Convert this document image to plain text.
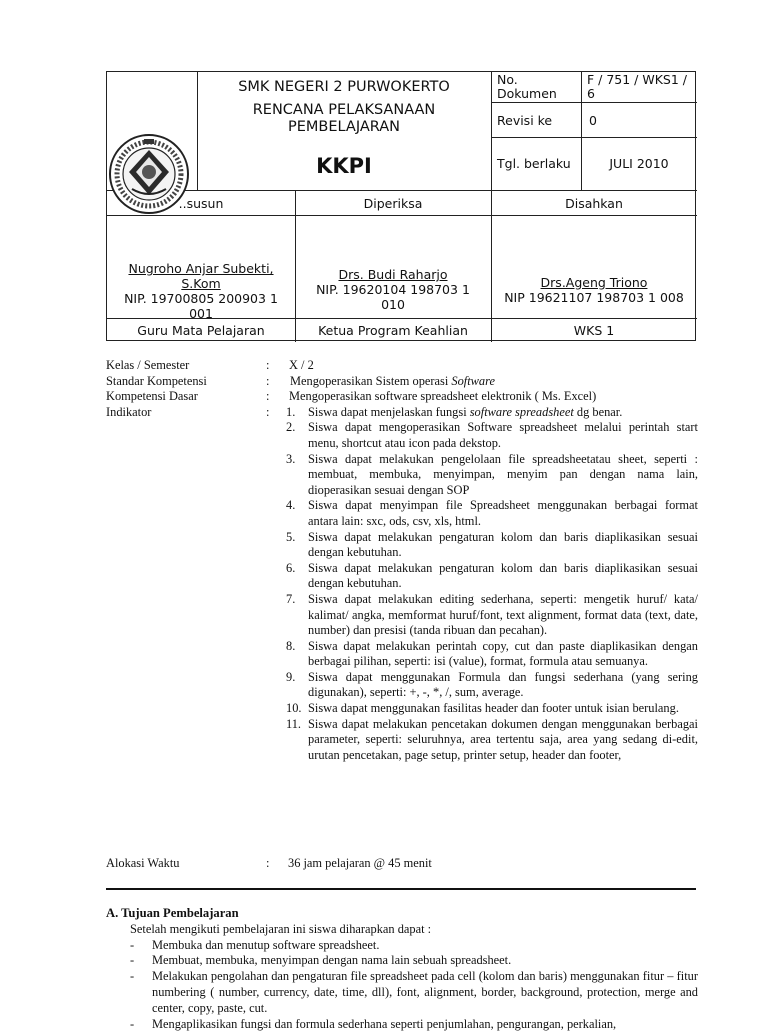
SMK NEGERI 2 PURWOKERTO
RENCANA PELAKSANAAN
PEMBELAJARAN
KKPI
No. Dokumen
F / 751 / WKS1 / 6
Revisi ke	0
Tgl. berlaku	JULI 2010
..susun	Diperiksa	Disahkan
Nugroho Anjar Subekti,
S.Kom
NIP. 19700805 200903 1 001
Drs. Budi Raharjo
NIP. 19620104 198703 1 010
Drs.Ageng Triono
NIP 19621107 198703 1 008
Guru Mata Pelajaran	Ketua Program Keahlian	WKS 1
Kelas / Semester	: X / 2
Standar Kompetensi	: Mengoperasikan Sistem operasi Software
Kompetensi Dasar	: Mengoperasikan software spreadsheet elektronik ( Ms. Excel)
Indikator	: 1. Siswa dapat menjelaskan fungsi software spreadsheet dg benar.
2. Siswa dapat mengoperasikan Software spreadsheet melalui perintah start menu, shortcut atau icon pada dekstop.
3. Siswa dapat melakukan pengelolaan file spreadsheetatau sheet, seperti : membuat, membuka, menyimpan, menyim pan dengan nama lain, dioperasikan sesuai dengan SOP
4. Siswa dapat menyimpan file Spreadsheet menggunakan berbagai format antara lain: sxc, ods, csv, xls, html.
5. Siswa dapat melakukan pengaturan kolom dan baris diaplikasikan sesuai dengan kebutuhan.
6. Siswa dapat melakukan pengaturan kolom dan baris diaplikasikan sesuai dengan kebutuhan.
7. Siswa dapat melakukan editing sederhana, seperti: mengetik huruf/ kata/ kalimat/ angka, memformat huruf/font, text alignment, format data (text, date, number) dan presisi (tanda ribuan dan pecahan).
8. Siswa dapat melakukan perintah copy, cut dan paste diaplikasikan dengan berbagai pilihan, seperti: isi (value), format, formula atau semuanya.
9. Siswa dapat menggunakan Formula dan fungsi sederhana (yang sering digunakan), seperti: +, -, *, /, sum, average.
10. Siswa dapat menggunakan fasilitas header dan footer untuk isian berulang.
11. Siswa dapat melakukan pencetakan dokumen dengan menggunakan berbagai parameter, seperti: seluruhnya, area tertentu saja, area yang sedang di-edit, urutan pencetakan, page setup, printer setup, header dan footer,
Alokasi Waktu	: 36 jam pelajaran @ 45 menit
A. Tujuan Pembelajaran
Setelah mengikuti pembelajaran ini siswa diharapkan dapat :
- Membuka dan menutup software spreadsheet.
- Membuat, membuka, menyimpan dengan nama lain sebuah spreadsheet.
- Melakukan pengolahan dan pengaturan file spreadsheet pada cell (kolom dan baris) menggunakan fitur – fitur numbering ( number, currency, date, time, dll), font, alignment, border, background, protection, merge and center, copy, paste, cut.
- Mengaplikasikan fungsi dan formula sederhana seperti penjumlahan, pengurangan, perkalian,
